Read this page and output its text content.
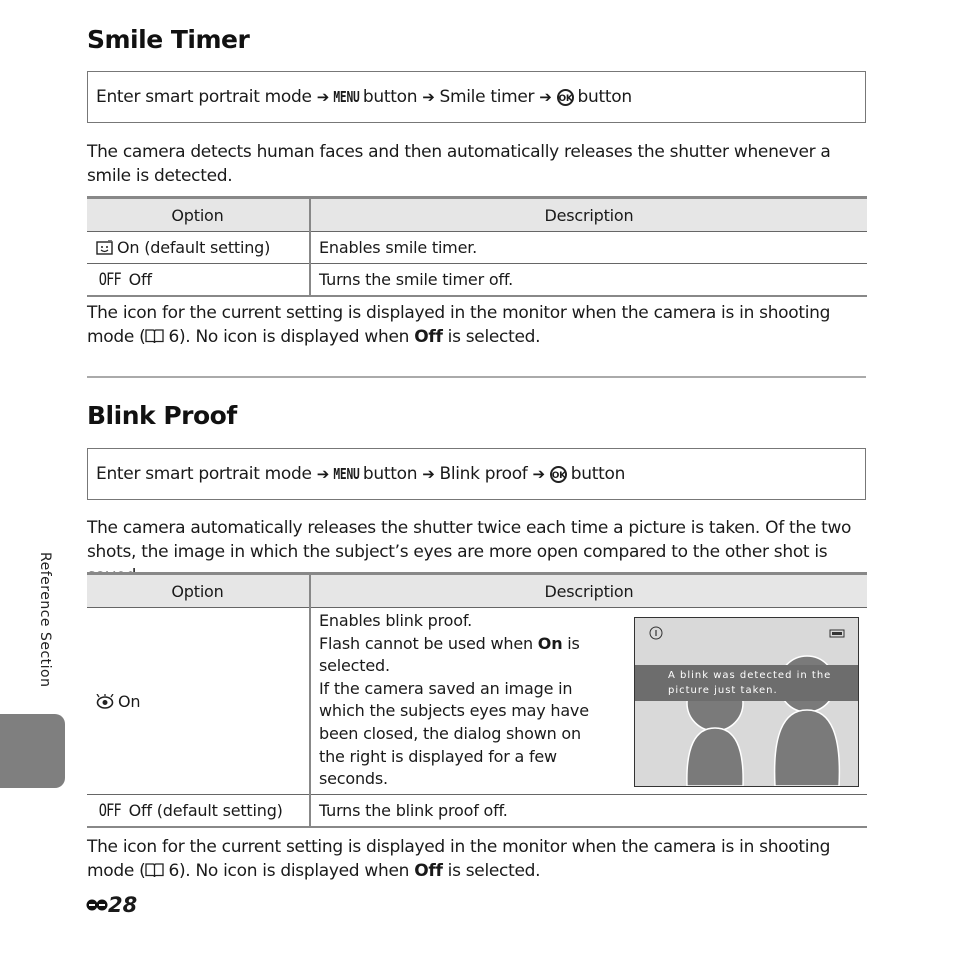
Smile Timer
Enter smart portrait mode ➔ MENU button ➔ Smile timer ➔ OK button
The camera detects human faces and then automatically releases the shutter whenever a smile is detected.
Option	Description
On (default setting)	Enables smile timer.
OFF Off	Turns the smile timer off.
The icon for the current setting is displayed in the monitor when the camera is in shooting mode ( 6). No icon is displayed when Off is selected.
Blink Proof
Enter smart portrait mode ➔ MENU button ➔ Blink proof ➔ OK button
The camera automatically releases the shutter twice each time a picture is taken. Of the two shots, the image in which the subject’s eyes are more open compared to the other shot is
Option	Description
On	Enables blink proof.
Flash cannot be used when On is selected.
If the camera saved an image in which the subjects eyes may have been closed, the dialog shown on the right is displayed for a few seconds.

OFF Off (default setting)	Turns the blink proof off.
A blink was detected in the picture just taken.
The icon for the current setting is displayed in the monitor when the camera is in shooting mode ( 6). No icon is displayed when Off is selected.
Reference Section
28
